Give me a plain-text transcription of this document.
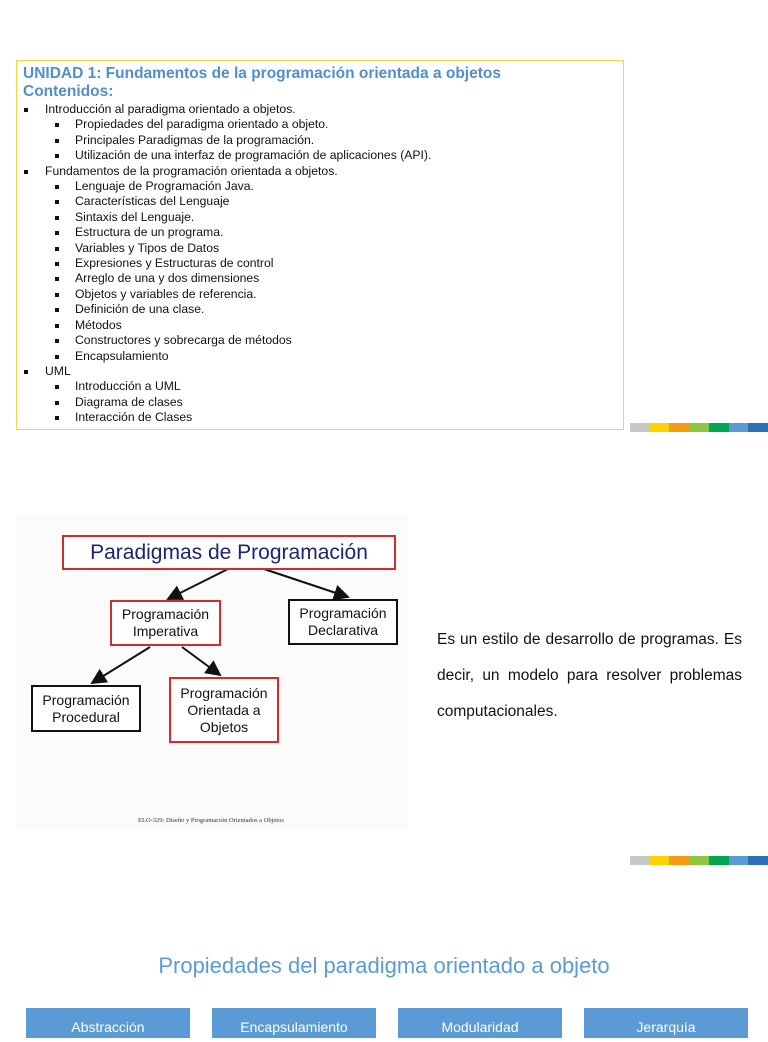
UNIDAD 1: Fundamentos de la programación orientada a objetos
Contenidos:
Introducción al paradigma orientado a objetos.
Propiedades del paradigma orientado a objeto.
Principales Paradigmas de la programación.
Utilización de una interfaz de programación de aplicaciones (API).
Fundamentos de la programación orientada a objetos.
Lenguaje de Programación Java.
Características del Lenguaje
Sintaxis del Lenguaje.
Estructura de un programa.
Variables y Tipos de Datos
Expresiones y Estructuras de control
Arreglo de una y dos dimensiones
Objetos y variables de referencia.
Definición de una clase.
Métodos
Constructores y sobrecarga de métodos
Encapsulamiento
UML
Introducción a UML
Diagrama de clases
Interacción de Clases
Paradigmas de Programación
Programación
Imperativa
Programación
Declarativa
Programación
Procedural
Programación
Orientada a
Objetos
ELO-329: Diseño y Programación Orientados a Objetos
Es un estilo de desarrollo de programas. Es decir, un modelo para resolver problemas computacionales.
Propiedades del paradigma orientado a objeto
Abstracción	Encapsulamiento	Modularidad	Jerarquía
